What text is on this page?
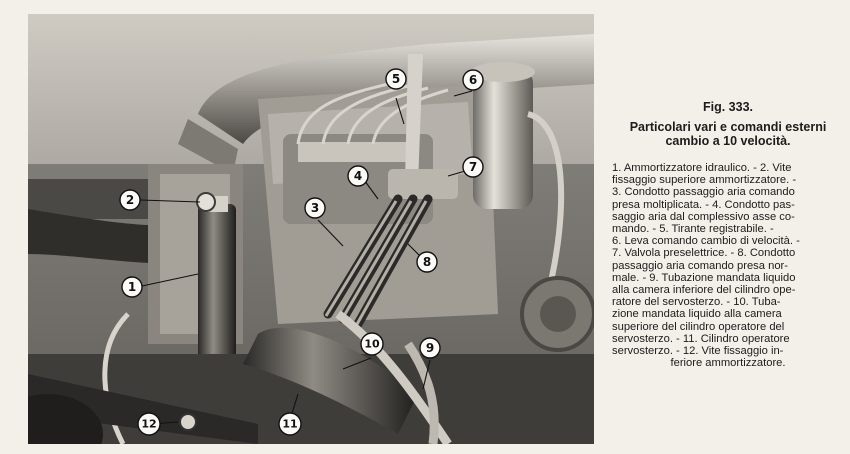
1
2
3
4
5	6
7
8
9
10
11
12

Fig. 333.

Particolari vari e comandi esterni
cambio a 10 velocità.

1. Ammortizzatore idraulico. - 2. Vite
fissaggio superiore ammortizzatore. -
3. Condotto passaggio aria comando
presa moltiplicata. - 4. Condotto pas-
saggio aria dal complessivo asse co-
mando. - 5. Tirante registrabile. -
6. Leva comando cambio di velocità. -
7. Valvola preselettrice. - 8. Condotto
passaggio aria comando presa nor-
male. - 9. Tubazione mandata liquido
alla camera inferiore del cilindro ope-
ratore del servosterzo. - 10. Tuba-
zione mandata liquido alla camera
superiore del cilindro operatore del
servosterzo. - 11. Cilindro operatore
servosterzo. - 12. Vite fissaggio in-
feriore ammortizzatore.
